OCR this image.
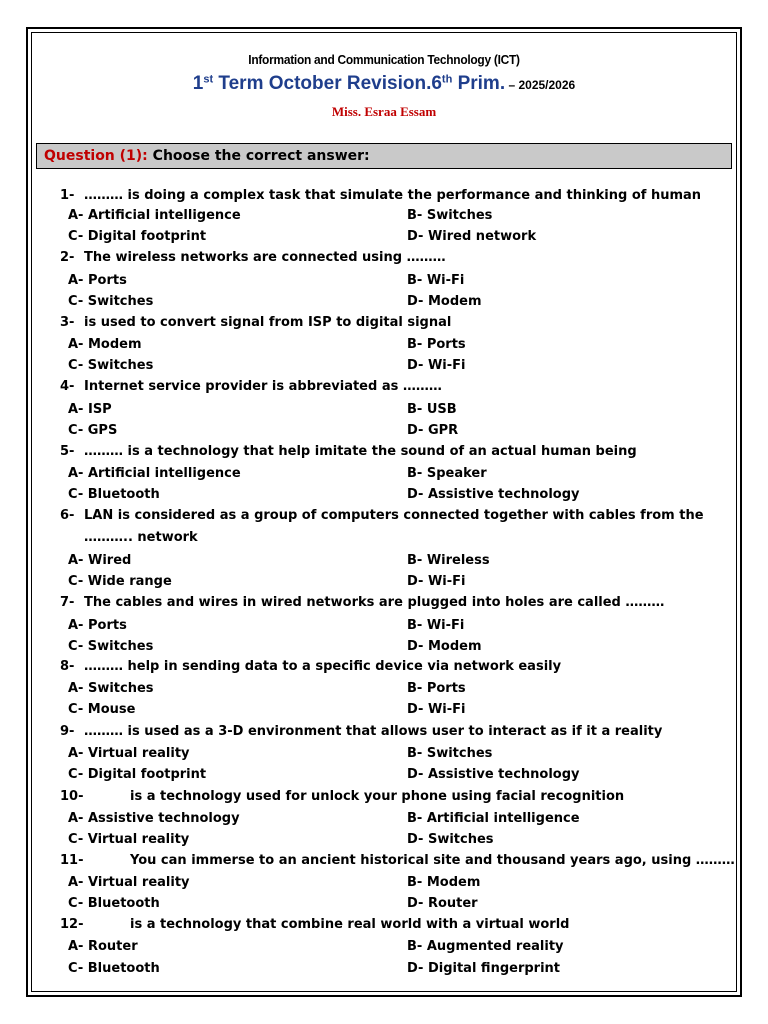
Information and Communication Technology (ICT)
1st Term October Revision.6th Prim. – 2025/2026
Miss. Esraa Essam
Question (1): Choose the correct answer:
1- ……… is doing a complex task that simulate the performance and thinking of human
A- Artificial intelligence	B- Switches
C- Digital footprint	D- Wired network
2- The wireless networks are connected using ………
A- Ports	B- Wi-Fi
C- Switches	D- Modem
3- is used to convert signal from ISP to digital signal
A- Modem	B- Ports
C- Switches	D- Wi-Fi
4- Internet service provider is abbreviated as ………
A- ISP	B- USB
C- GPS	D- GPR
5- ……… is a technology that help imitate the sound of an actual human being
A- Artificial intelligence	B- Speaker
C- Bluetooth	D- Assistive technology
6- LAN is considered as a group of computers connected together with cables from the
……….. network
A- Wired	B- Wireless
C- Wide range	D- Wi-Fi
7- The cables and wires in wired networks are plugged into holes are called ………
A- Ports	B- Wi-Fi
C- Switches	D- Modem
8- ……… help in sending data to a specific device via network easily
A- Switches	B- Ports
C- Mouse	D- Wi-Fi
9- ……… is used as a 3-D environment that allows user to interact as if it a reality
A- Virtual reality	B- Switches
C- Digital footprint	D- Assistive technology
10-	is a technology used for unlock your phone using facial recognition
A- Assistive technology	B- Artificial intelligence
C- Virtual reality	D- Switches
11-	You can immerse to an ancient historical site and thousand years ago, using ………
A- Virtual reality	B- Modem
C- Bluetooth	D- Router
12-	is a technology that combine real world with a virtual world
A- Router	B- Augmented reality
C- Bluetooth	D- Digital fingerprint
